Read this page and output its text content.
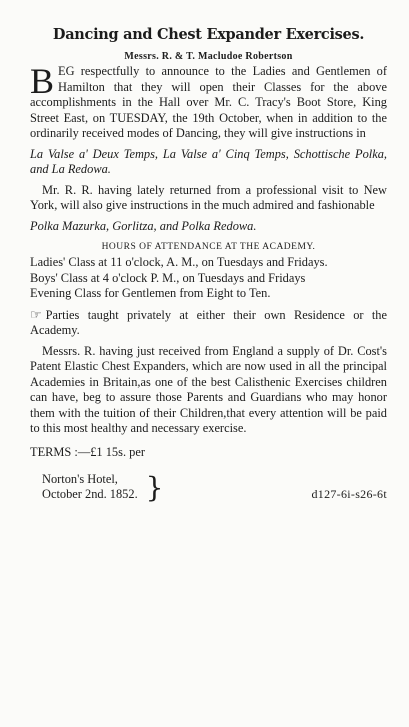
Dancing and Chest Expander Exercises.
Messrs. R. & T. Macludoe Robertson

BEG respectfully to announce to the Ladies and Gentlemen of Hamilton that they will open their Classes for the above accomplishments in the Hall over Mr. C. Tracy's Boot Store, King Street East, on TUESDAY, the 19th October, when in addition to the ordinarily received modes of Dancing, they will give instructions in

La Valse a' Deux Temps, La Valse a' Cinq Temps, Schottische Polka, and La Redowa.

Mr. R. R. having lately returned from a professional visit to New York, will also give instructions in the much admired and fashionable

Polka Mazurka, Gorlitza, and Polka Redowa.

HOURS OF ATTENDANCE AT THE ACADEMY.

Ladies' Class at 11 o'clock, A. M., on Tuesdays and Fridays.

Boys' Class at 4 o'clock P. M., on Tuesdays and Fridays

Evening Class for Gentlemen from Eight to Ten.

☞ Parties taught privately at either their own Residence or the Academy.

Messrs. R. having just received from England a supply of Dr. Cost's Patent Elastic Chest Expanders, which are now used in all the principal Academies in Britain,as one of the best Calisthenic Exercises children can have, beg to assure those Parents and Guardians who may honor them with the tuition of their Children,that every attention will be paid to this most healthy and necessary exercise.

TERMS :—£1 15s. per

Norton's Hotel,
October 2nd. 1852. }	d127-6i-s26-6t
